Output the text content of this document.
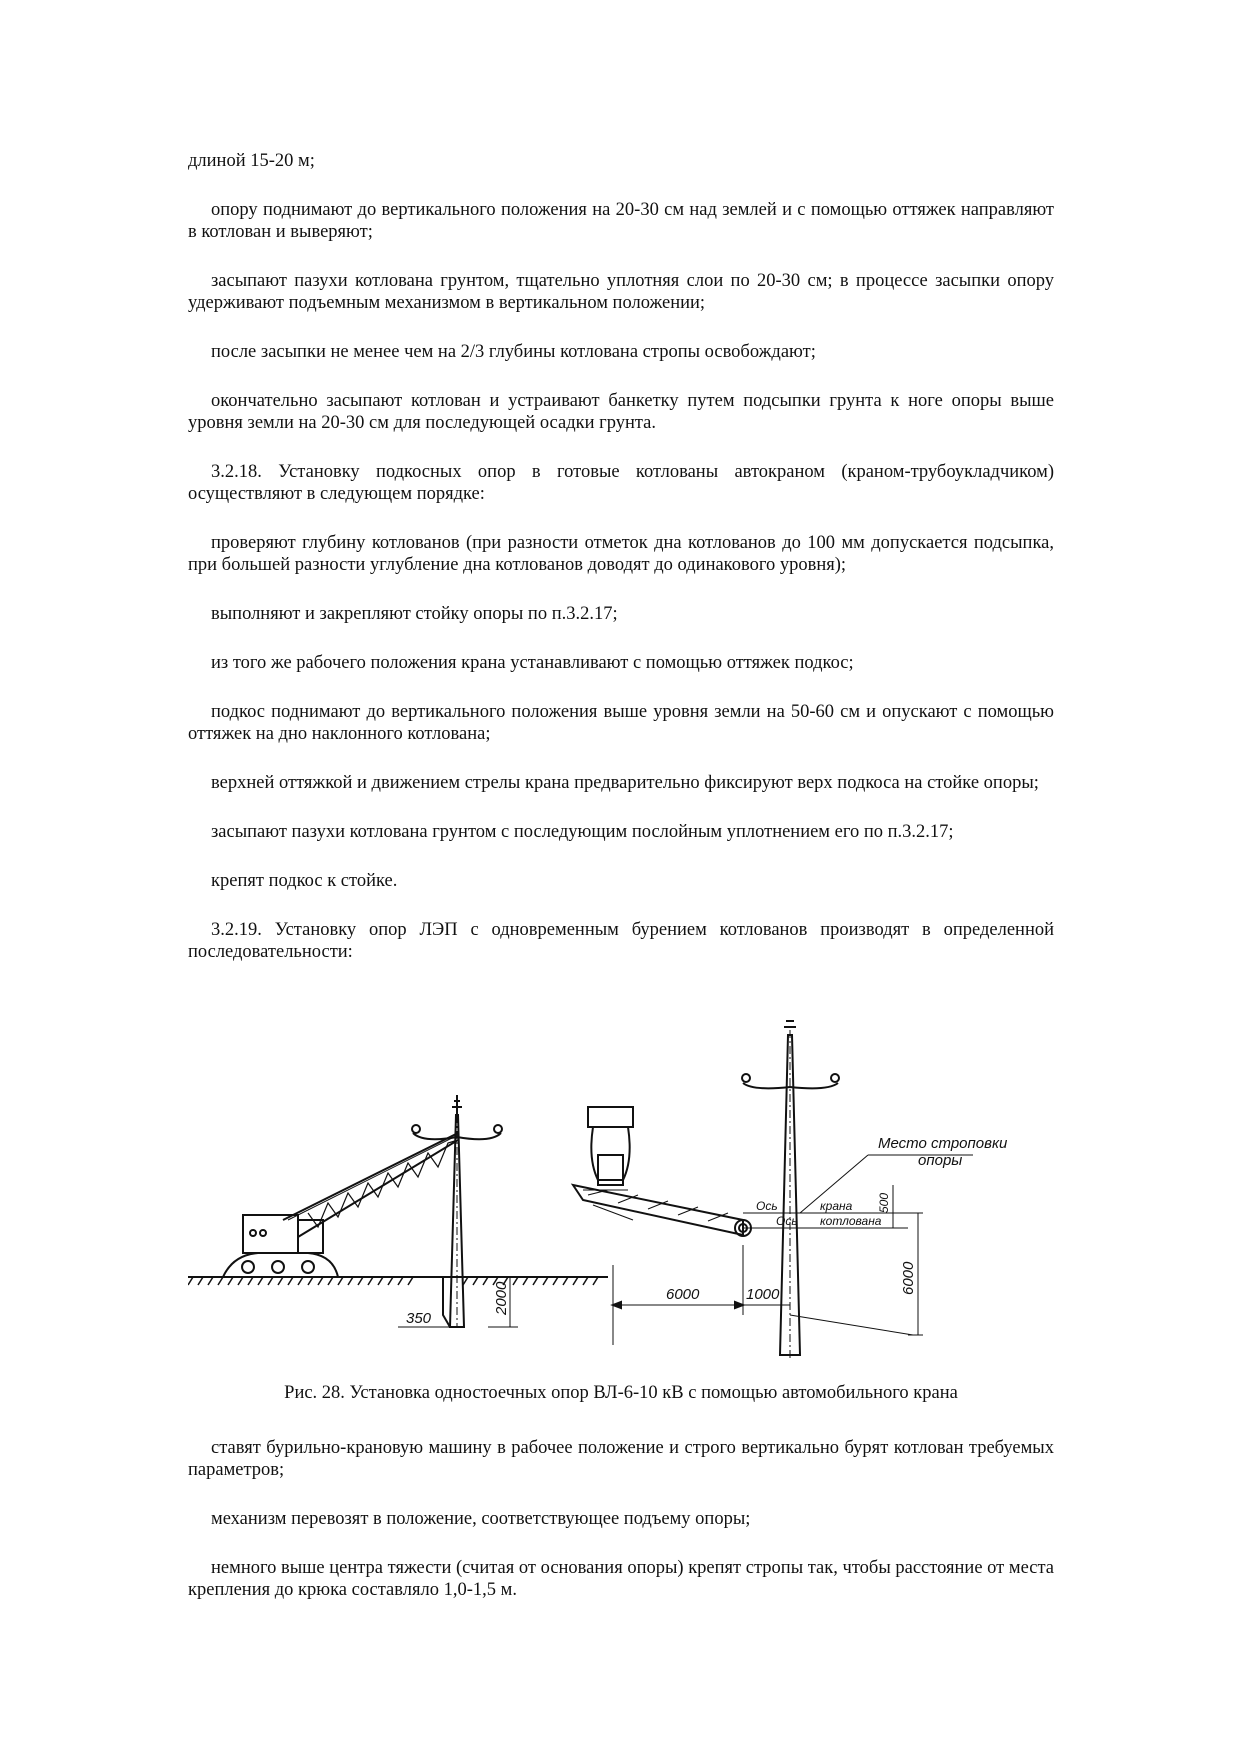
длиной 15-20 м;

опору поднимают до вертикального положения на 20-30 см над землей и с помощью оттяжек направляют в котлован и выверяют;

засыпают пазухи котлована грунтом, тщательно уплотняя слои по 20-30 см; в процессе засыпки опору удерживают подъемным механизмом в вертикальном положении;

после засыпки не менее чем на 2/3 глубины котлована стропы освобождают;

окончательно засыпают котлован и устраивают банкетку путем подсыпки грунта к ноге опоры выше уровня земли на 20-30 см для последующей осадки грунта.

3.2.18. Установку подкосных опор в готовые котлованы автокраном (краном-трубоукладчиком) осуществляют в следующем порядке:

проверяют глубину котлованов (при разности отметок дна котлованов до 100 мм допускается подсыпка, при большей разности углубление дна котлованов доводят до одинакового уровня);

выполняют и закрепляют стойку опоры по п.3.2.17;

из того же рабочего положения крана устанавливают с помощью оттяжек подкос;

подкос поднимают до вертикального положения выше уровня земли на 50-60 см и опускают с помощью оттяжек на дно наклонного котлована;

верхней оттяжкой и движением стрелы крана предварительно фиксируют верх подкоса на стойке опоры;

засыпают пазухи котлована грунтом с последующим послойным уплотнением его по п.3.2.17;

крепят подкос к стойке.

3.2.19. Установку опор ЛЭП с одновременным бурением котлованов производят в определенной последовательности:

350
2000
Место строповки
опоры
Ось
Ось
крана
котлована
500
6000
6000	1000
Рис. 28. Установка одностоечных опор ВЛ-6-10 кВ с помощью автомобильного крана

ставят бурильно-крановую машину в рабочее положение и строго вертикально бурят котлован требуемых параметров;

механизм перевозят в положение, соответствующее подъему опоры;

немного выше центра тяжести (считая от основания опоры) крепят стропы так, чтобы расстояние от места крепления до крюка составляло 1,0-1,5 м.
